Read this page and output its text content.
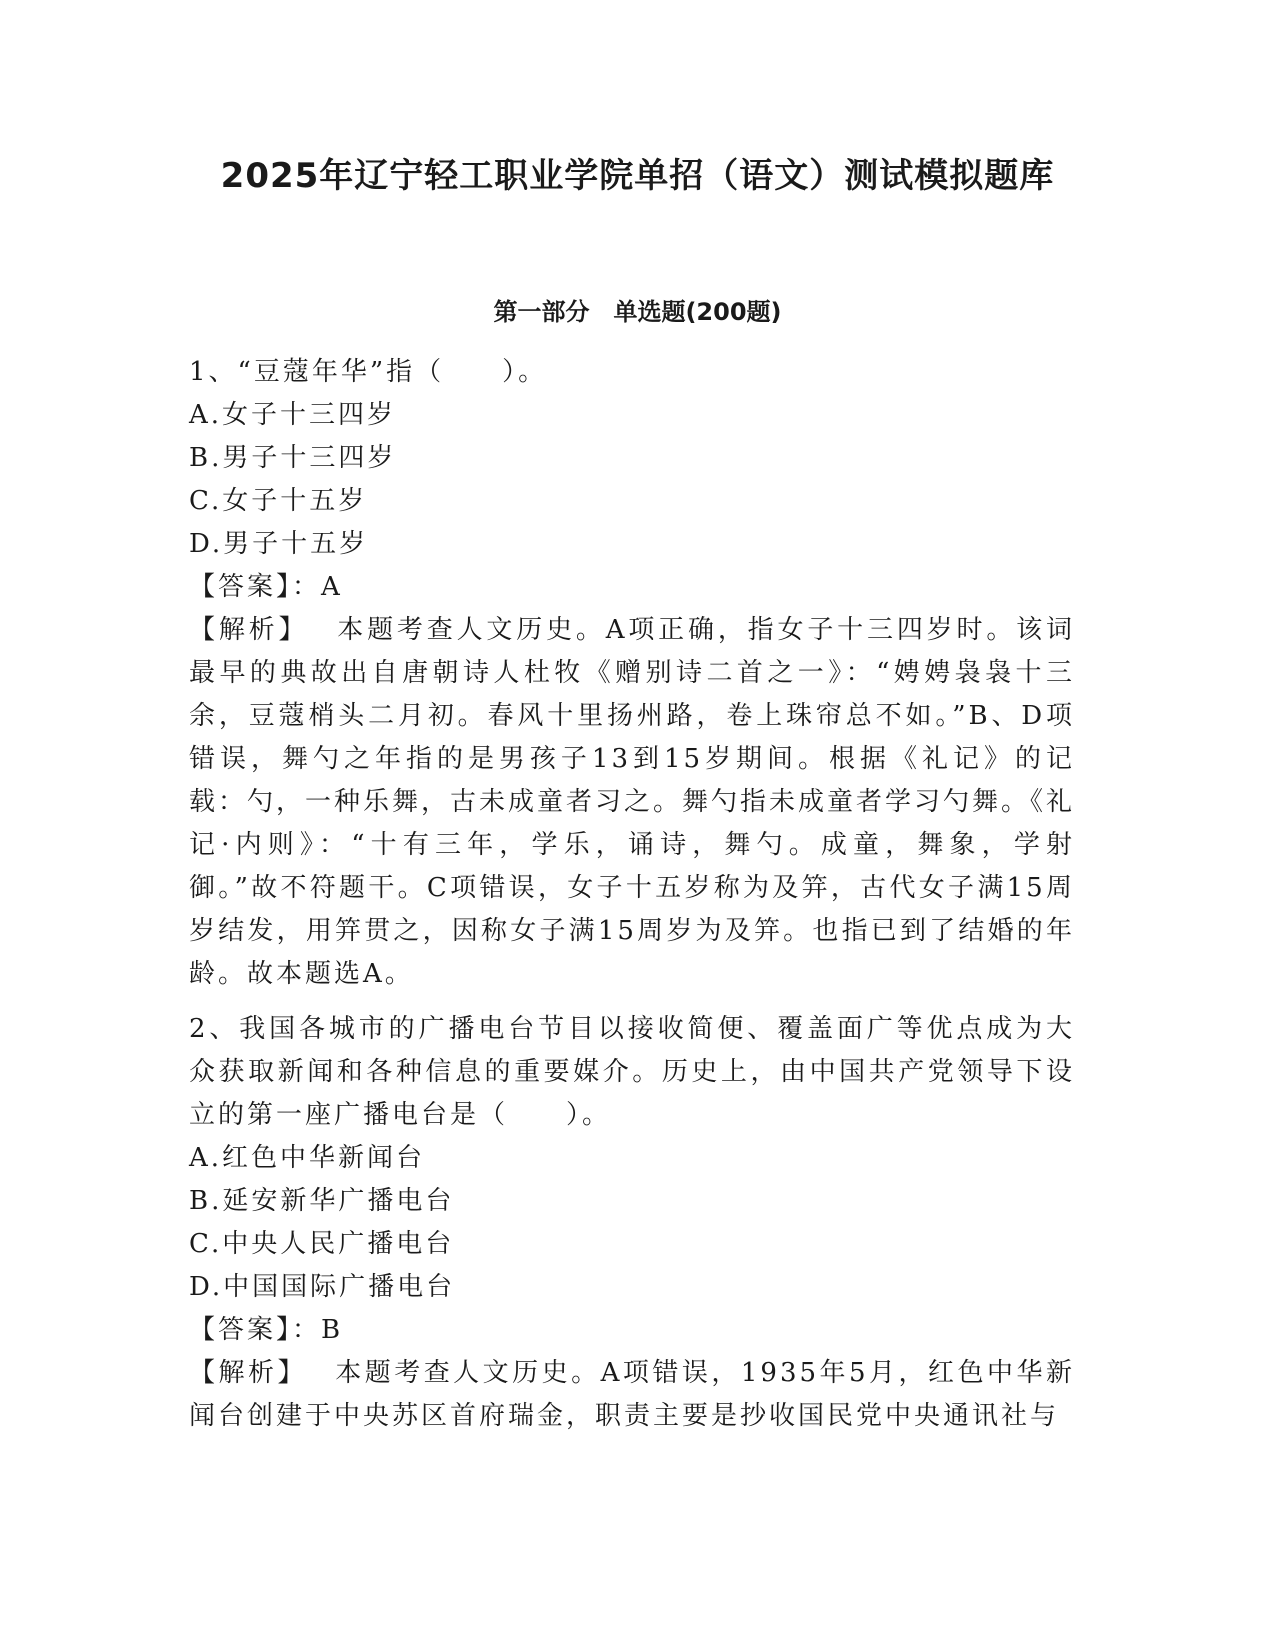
2025年辽宁轻工职业学院单招（语文）测试模拟题库
第一部分　单选题(200题)

1、“豆蔻年华”指（　　）。

A.女子十三四岁

B.男子十三四岁

C.女子十五岁

D.男子十五岁

【答案】：A

【解析】　 本题考查人文历史。A项正确，指女子十三四岁时。该词最早的典故出自唐朝诗人杜牧《赠别诗二首之一》：“娉娉袅袅十三余，豆蔻梢头二月初。春风十里扬州路，卷上珠帘总不如。”B、D项错误，舞勺之年指的是男孩子13到15岁期间。根据《礼记》的记载：勺，一种乐舞，古未成童者习之。舞勺指未成童者学习勺舞。《礼记·内则》：“十有三年，学乐，诵诗，舞勺。成童，舞象，学射御。”故不符题干。C项错误，女子十五岁称为及笄，古代女子满15周岁结发，用笄贯之，因称女子满15周岁为及笄。也指已到了结婚的年龄。故本题选A。

2、我国各城市的广播电台节目以接收简便、覆盖面广等优点成为大众获取新闻和各种信息的重要媒介。历史上，由中国共产党领导下设立的第一座广播电台是（　　）。

A.红色中华新闻台

B.延安新华广播电台

C.中央人民广播电台

D.中国国际广播电台

【答案】：B

【解析】　 本题考查人文历史。A项错误，1935年5月，红色中华新闻台创建于中央苏区首府瑞金，职责主要是抄收国民党中央通讯社与
